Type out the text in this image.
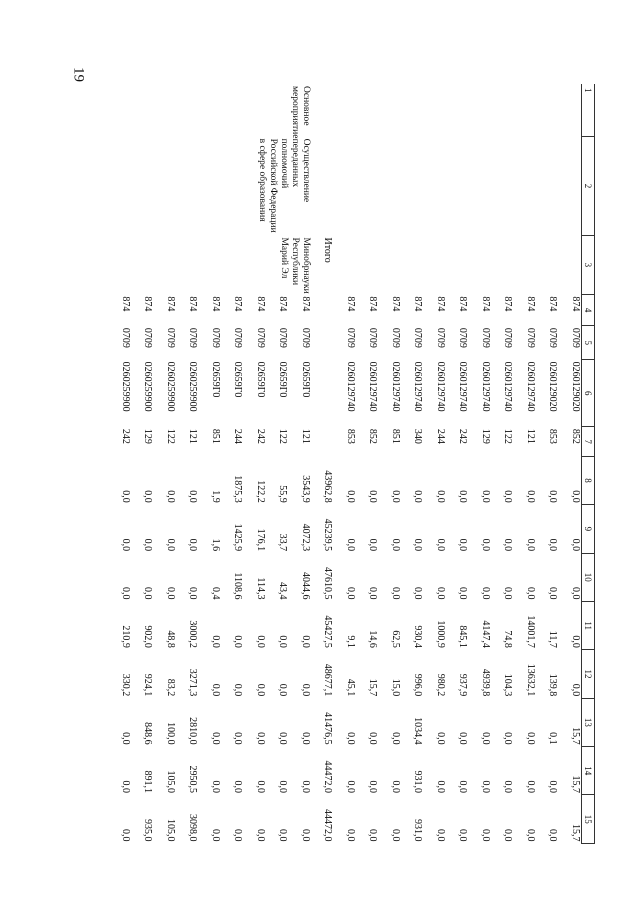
19
1	2	3	4	5	6	7	8	9	10	11	12	13	14	15
			874	0709	0260129020	852	0,0	0,0	0,0	0,0	0,0	15,7	15,7	15,7
			874	0709	0260129020	853	0,0	0,0	0,0	11,7	139,8	0,1	0,0	0,0
			874	0709	0260129740	121	0,0	0,0	0,0	14001,7	13632,1	0,0	0,0	0,0
			874	0709	0260129740	122	0,0	0,0	0,0	74,8	104,3	0,0	0,0	0,0
			874	0709	0260129740	129	0,0	0,0	0,0	4147,4	4939,8	0,0	0,0	0,0
			874	0709	0260129740	242	0,0	0,0	0,0	845,1	937,9	0,0	0,0	0,0
			874	0709	0260129740	244	0,0	0,0	0,0	1000,9	980,2	0,0	0,0	0,0
			874	0709	0260129740	340	0,0	0,0	0,0	930,4	996,0	1034,4	931,0	931,0
			874	0709	0260129740	851	0,0	0,0	0,0	62,5	15,0	0,0	0,0	0,0
			874	0709	0260129740	852	0,0	0,0	0,0	14,6	15,7	0,0	0,0	0,0
			874	0709	0260129740	853	0,0	0,0	0,0	9,1	45,1	0,0	0,0	0,0
		Итого					43962,8	45239,5	47610,5	45427,5	48677,1	41476,5	44472,0	44472,0
Основное мероприятие	Осуществление переданных полномочий Российской Федерации в сфере образования	Минобрнауки Республики Марий Эл	874	0709	02659Г0	121	3543,9	4072,3	4044,6	0,0	0,0	0,0	0,0	0,0
			874	0709	02659Г0	122	55,9	33,7	43,4	0,0	0,0	0,0	0,0	0,0
			874	0709	02659Г0	242	122,2	176,1	114,3	0,0	0,0	0,0	0,0	0,0
			874	0709	02659Г0	244	1875,3	1425,9	1108,6	0,0	0,0	0,0	0,0	0,0
			874	0709	02659Г0	851	1,9	1,6	0,4	0,0	0,0	0,0	0,0	0,0
			874	0709	0260259900	121	0,0	0,0	0,0	3000,2	3271,3	2810,0	2950,5	3098,0
			874	0709	0260259900	122	0,0	0,0	0,0	48,8	83,2	100,0	105,0	105,0
			874	0709	0260259900	129	0,0	0,0	0,0	902,0	924,1	848,6	891,1	935,0
			874	0709	0260259900	242	0,0	0,0	0,0	210,9	330,2	0,0	0,0	0,0
